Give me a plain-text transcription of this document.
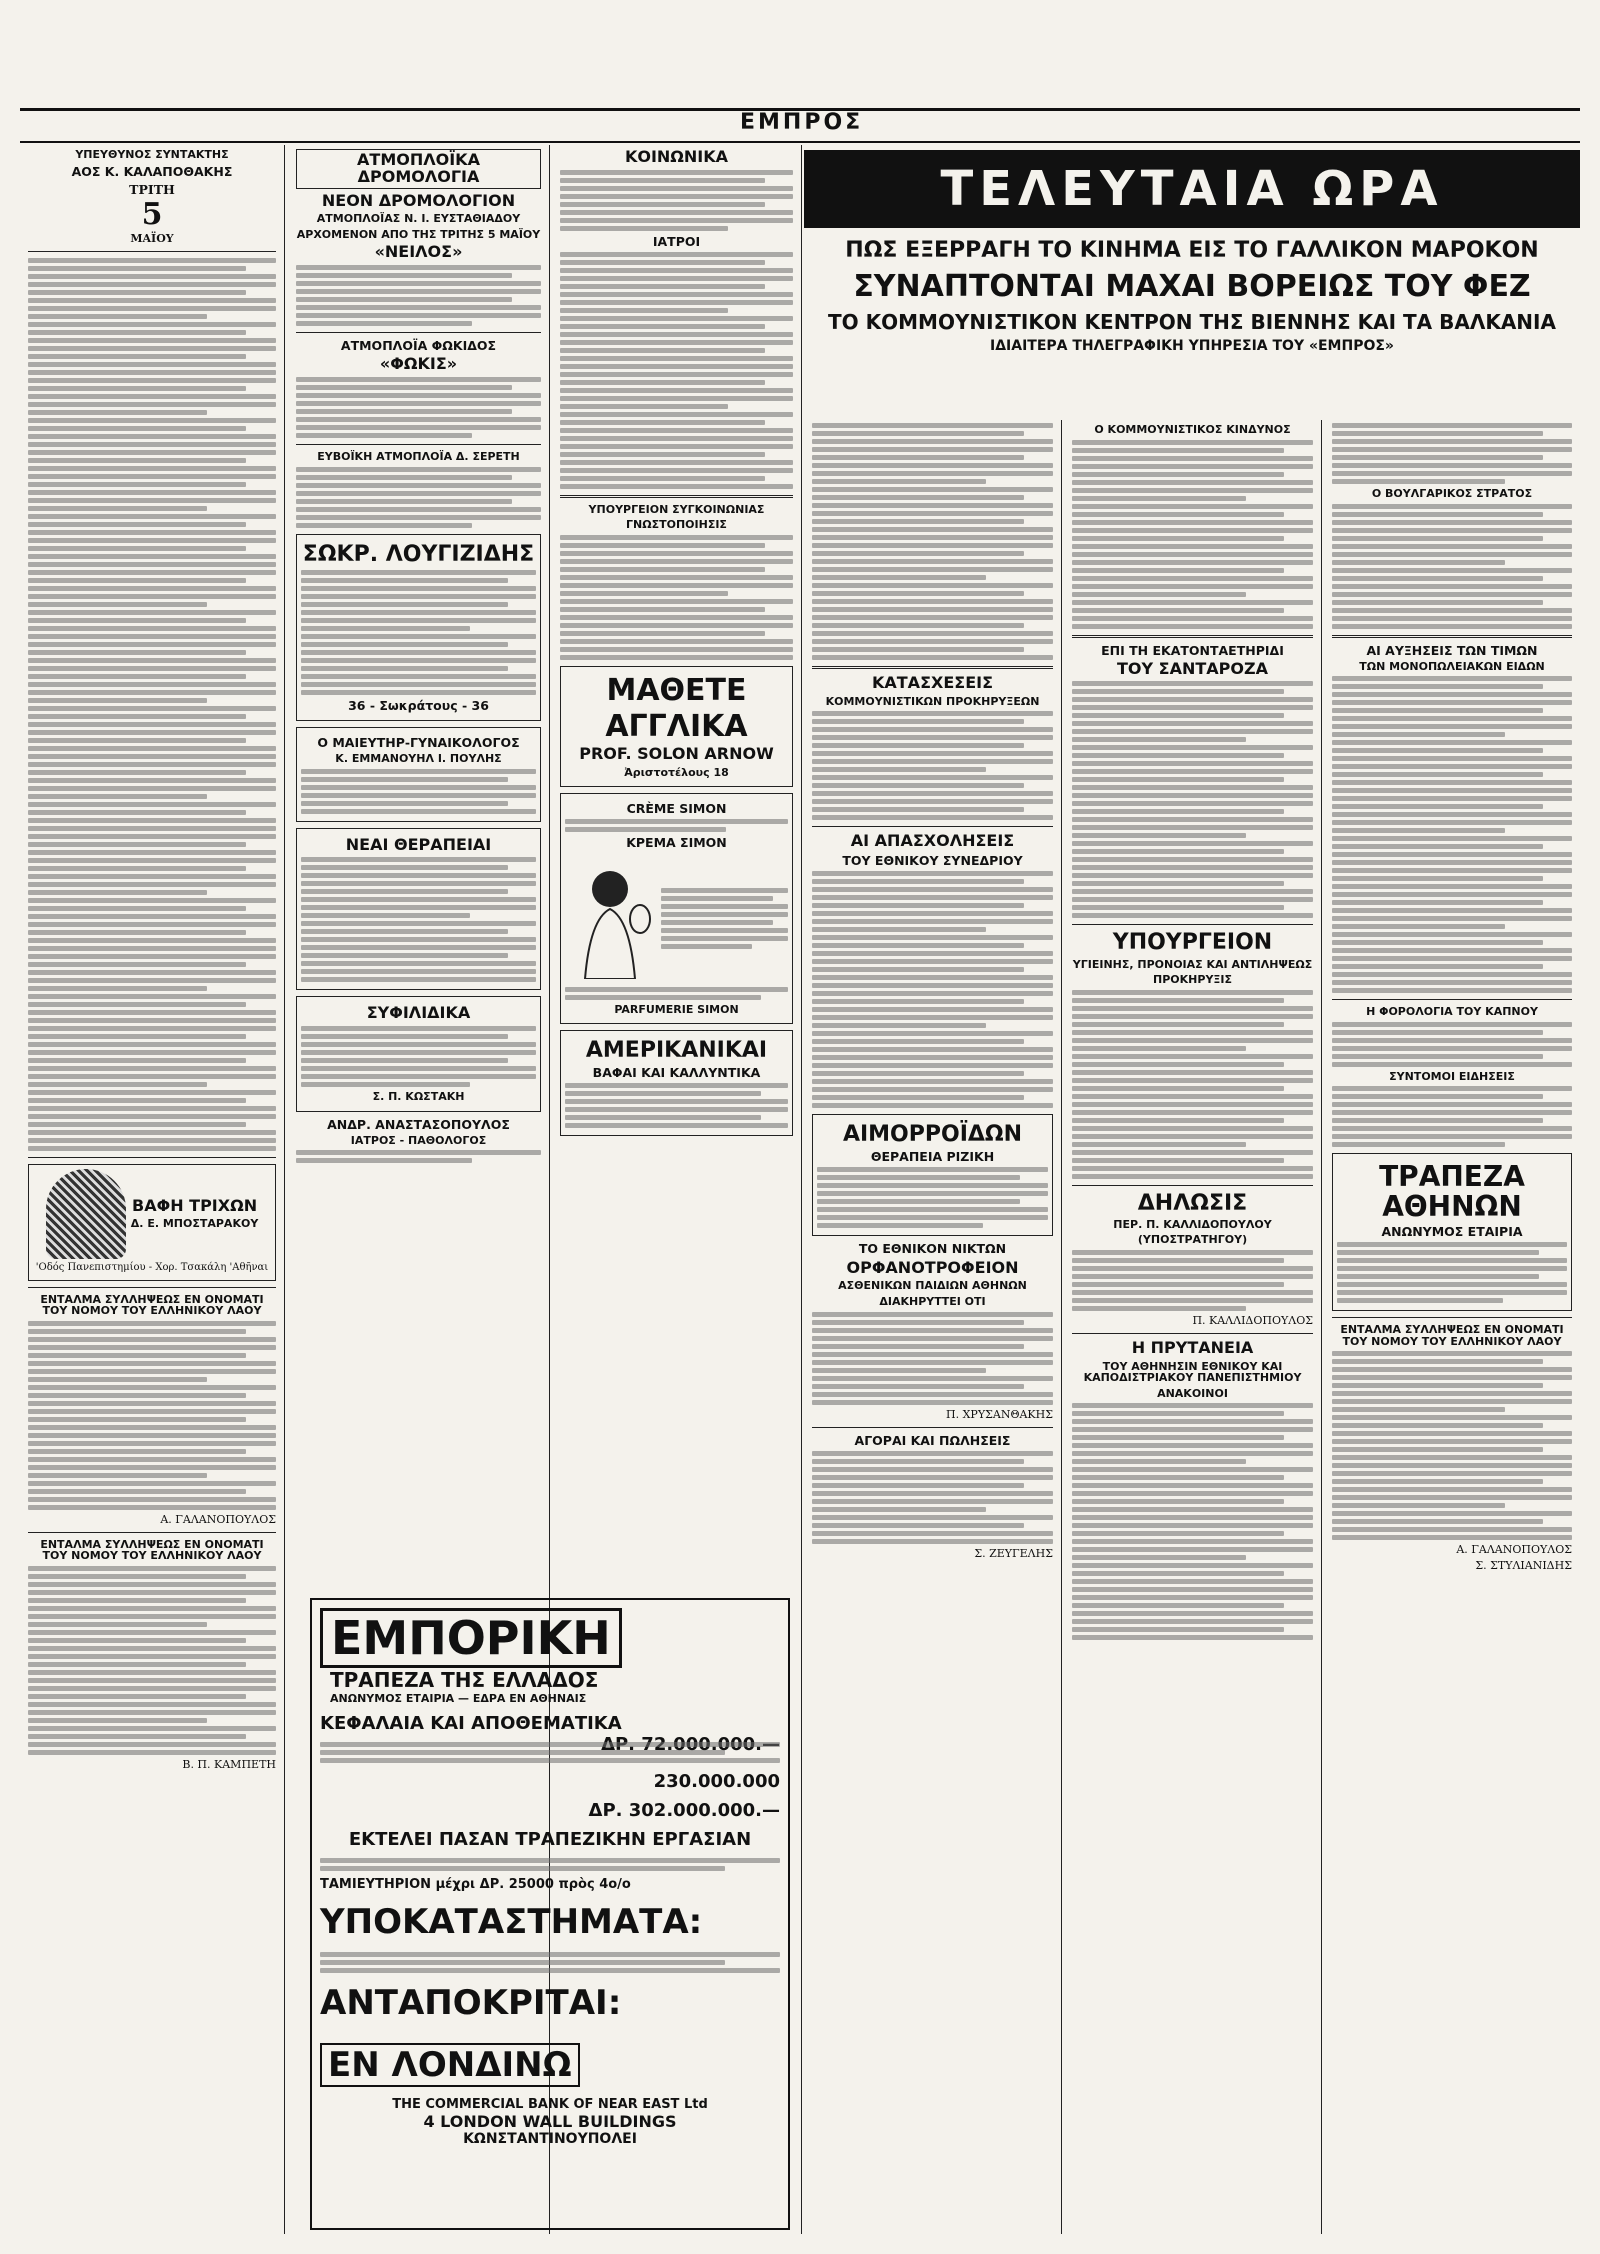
ΕΜΠΡΟΣ
ΥΠΕΥΘΥΝΟΣ ΣΥΝΤΑΚΤΗΣ
ΑΟΣ Κ. ΚΑΛΑΠΟΘΑΚΗΣ
ΤΡΙΤΗ
5
ΜΑΪΟΥ

ΒΑΦΗ ΤΡΙΧΩΝ
Δ. Ε. ΜΠΟΣΤΑΡΑΚΟΥ
'Οδός Πανεπιστημίου - Χορ. Τσακάλη 'Αθῆναι
ΕΝΤΑΛΜΑ ΣΥΛΛΗΨΕΩΣ ΕΝ ΟΝΟΜΑΤΙ ΤΟΥ ΝΟΜΟΥ ΤΟΥ ΕΛΛΗΝΙΚΟΥ ΛΑΟΥ
Α. ΓΑΛΑΝΟΠΟΥΛΟΣ
ΕΝΤΑΛΜΑ ΣΥΛΛΗΨΕΩΣ ΕΝ ΟΝΟΜΑΤΙ ΤΟΥ ΝΟΜΟΥ ΤΟΥ ΕΛΛΗΝΙΚΟΥ ΛΑΟΥ
Β. Π. ΚΑΜΠΕΤΗ
ΑΤΜΟΠΛΟΪΚΑ ΔΡΟΜΟΛΟΓΙΑ
ΝΕΟΝ ΔΡΟΜΟΛΟΓΙΟΝ
ΑΤΜΟΠΛΟΪΑΣ Ν. Ι. ΕΥΣΤΑΘΙΑΔΟΥ
ΑΡΧΟΜΕΝΟΝ ΑΠΟ ΤΗΣ ΤΡΙΤΗΣ 5 ΜΑΪΟΥ
«ΝΕΙΛΟΣ»
ΑΤΜΟΠΛΟΪΑ ΦΩΚΙΔΟΣ
«ΦΩΚΙΣ»
ΕΥΒΟΪΚΗ ΑΤΜΟΠΛΟΪΑ Δ. ΣΕΡΕΤΗ
ΣΩΚΡ. ΛΟΥΓΙΖΙΔΗΣ
36 - Σωκράτους - 36
Ο ΜΑΙΕΥΤΗΡ-ΓΥΝΑΙΚΟΛΟΓΟΣ
Κ. ΕΜΜΑΝΟΥΗΛ Ι. ΠΟΥΛΗΣ
ΝΕΑΙ ΘΕΡΑΠΕΙΑΙ
ΣΥΦΙΛΙΔΙΚΑ
Σ. Π. ΚΩΣΤΑΚΗ
ΑΝΔΡ. ΑΝΑΣΤΑΣΟΠΟΥΛΟΣ
ΙΑΤΡΟΣ - ΠΑΘΟΛΟΓΟΣ
ΚΟΙΝΩΝΙΚΑ
ΙΑΤΡΟΙ
ΥΠΟΥΡΓΕΙΟΝ ΣΥΓΚΟΙΝΩΝΙΑΣ
ΓΝΩΣΤΟΠΟΙΗΣΙΣ
ΜΑΘΕΤΕ
ΑΓΓΛΙΚΑ
PROF. SOLON ARNOW
Ἀριστοτέλους 18
CRÈME SIMON
ΚΡΕΜΑ ΣΙΜΟΝ
PARFUMERIE SIMON
ΑΜΕΡΙΚΑΝΙΚΑΙ
ΒΑΦΑΙ ΚΑΙ ΚΑΛΛΥΝΤΙΚΑ
ΕΜΠΟΡΙΚΗ
ΤΡΑΠΕΖΑ ΤΗΣ ΕΛΛΑΔΟΣ
ΑΝΩΝΥΜΟΣ ΕΤΑΙΡΙΑ — ΕΔΡΑ ΕΝ ΑΘΗΝΑΙΣ
ΚΕΦΑΛΑΙΑ ΚΑΙ ΑΠΟΘΕΜΑΤΙΚΑ
230.000.000
ΔΡ. 302.000.000.—
ΕΚΤΕΛΕΙ ΠΑΣΑΝ ΤΡΑΠΕΖΙΚΗΝ ΕΡΓΑΣΙΑΝ
ΤΑΜΙΕΥΤΗΡΙΟΝ μέχρι ΔΡ. 25000 πρὸς 4ο/ο
ΥΠΟΚΑΤΑΣΤΗΜΑΤΑ:
ΑΝΤΑΠΟΚΡΙΤΑΙ:
ΕΝ ΛΟΝΔΙΝΩ
THE COMMERCIAL BANK OF NEAR EAST Ltd
4 LONDON WALL BUILDINGS
ΚΩΝΣΤΑΝΤΙΝΟΥΠΟΛΕΙ
ΤΕΛΕΥΤΑΙΑ ΩΡΑ
ΠΩΣ ΕΞΕΡΡΑΓΗ ΤΟ ΚΙΝΗΜΑ ΕΙΣ ΤΟ ΓΑΛΛΙΚΟΝ ΜΑΡΟΚΟΝ
ΣΥΝΑΠΤΟΝΤΑΙ ΜΑΧΑΙ ΒΟΡΕΙΩΣ ΤΟΥ ΦΕΖ
ΤΟ ΚΟΜΜΟΥΝΙΣΤΙΚΟΝ ΚΕΝΤΡΟΝ ΤΗΣ ΒΙΕΝΝΗΣ ΚΑΙ ΤΑ ΒΑΛΚΑΝΙΑ
ΙΔΙΑΙΤΕΡΑ ΤΗΛΕΓΡΑΦΙΚΗ ΥΠΗΡΕΣΙΑ ΤΟΥ «ΕΜΠΡΟΣ»
ΚΑΤΑΣΧΕΣΕΙΣ
ΚΟΜΜΟΥΝΙΣΤΙΚΩΝ ΠΡΟΚΗΡΥΞΕΩΝ
ΑΙ ΑΠΑΣΧΟΛΗΣΕΙΣ
ΤΟΥ ΕΘΝΙΚΟΥ ΣΥΝΕΔΡΙΟΥ
ΑΙΜΟΡΡΟΪΔΩΝ
ΘΕΡΑΠΕΙΑ ΡΙΖΙΚΗ
ΤΟ ΕΘΝΙΚΟΝ ΝΙΚΤΩΝ
ΟΡΦΑΝΟΤΡΟΦΕΙΟΝ
ΑΣΘΕΝΙΚΩΝ ΠΑΙΔΙΩΝ ΑΘΗΝΩΝ
ΔΙΑΚΗΡΥΤΤΕΙ ΟΤΙ
Π. ΧΡΥΣΑΝΘΑΚΗΣ
ΑΓΟΡΑΙ ΚΑΙ ΠΩΛΗΣΕΙΣ
Σ. ΖΕΥΓΕΛΗΣ
Ο ΚΟΜΜΟΥΝΙΣΤΙΚΟΣ ΚΙΝΔΥΝΟΣ
ΕΠΙ ΤΗ ΕΚΑΤΟΝΤΑΕΤΗΡΙΔΙ
ΤΟΥ ΣΑΝΤΑΡΟΖΑ
ΥΠΟΥΡΓΕΙΟΝ
ΥΓΙΕΙΝΗΣ, ΠΡΟΝΟΙΑΣ ΚΑΙ ΑΝΤΙΛΗΨΕΩΣ
ΠΡΟΚΗΡΥΞΙΣ
ΔΗΛΩΣΙΣ
ΠΕΡ. Π. ΚΑΛΛΙΔΟΠΟΥΛΟΥ
(ΥΠΟΣΤΡΑΤΗΓΟΥ)
Π. ΚΑΛΛΙΔΟΠΟΥΛΟΣ
Η ΠΡΥΤΑΝΕΙΑ
ΤΟΥ ΑΘΗΝΗΣΙΝ ΕΘΝΙΚΟΥ ΚΑΙ ΚΑΠΟΔΙΣΤΡΙΑΚΟΥ ΠΑΝΕΠΙΣΤΗΜΙΟΥ
ΑΝΑΚΟΙΝΟΙ
Ο ΒΟΥΛΓΑΡΙΚΟΣ ΣΤΡΑΤΟΣ
ΑΙ ΑΥΞΗΣΕΙΣ ΤΩΝ ΤΙΜΩΝ
ΤΩΝ ΜΟΝΟΠΩΛΕΙΑΚΩΝ ΕΙΔΩΝ
Η ΦΟΡΟΛΟΓΙΑ ΤΟΥ ΚΑΠΝΟΥ
ΣΥΝΤΟΜΟΙ ΕΙΔΗΣΕΙΣ
ΤΡΑΠΕΖΑ ΑΘΗΝΩΝ
ΑΝΩΝΥΜΟΣ ΕΤΑΙΡΙΑ
ΕΝΤΑΛΜΑ ΣΥΛΛΗΨΕΩΣ ΕΝ ΟΝΟΜΑΤΙ ΤΟΥ ΝΟΜΟΥ ΤΟΥ ΕΛΛΗΝΙΚΟΥ ΛΑΟΥ
Α. ΓΑΛΑΝΟΠΟΥΛΟΣ
Σ. ΣΤΥΛΙΑΝΙΔΗΣ
